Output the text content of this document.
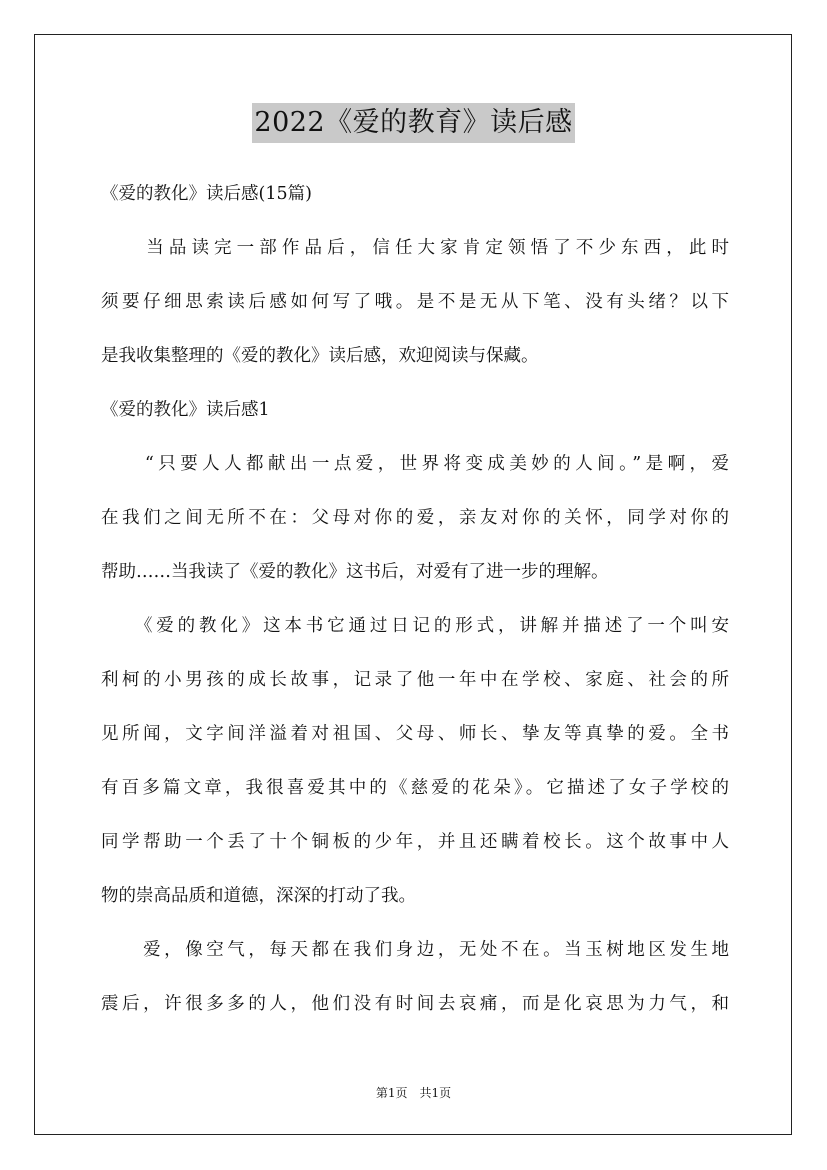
2022《爱的教育》读后感
《爱的教化》读后感(15篇)
　　当品读完一部作品后，信任大家肯定领悟了不少东西，此时
须要仔细思索读后感如何写了哦。是不是无从下笔、没有头绪？以下
是我收集整理的《爱的教化》读后感，欢迎阅读与保藏。
《爱的教化》读后感1
　　“只要人人都献出一点爱，世界将变成美妙的人间。”是啊，爱
在我们之间无所不在：父母对你的爱，亲友对你的关怀，同学对你的
帮助……当我读了《爱的教化》这书后，对爱有了进一步的理解。
　　《爱的教化》这本书它通过日记的形式，讲解并描述了一个叫安
利柯的小男孩的成长故事，记录了他一年中在学校、家庭、社会的所
见所闻，文字间洋溢着对祖国、父母、师长、挚友等真挚的爱。全书
有百多篇文章，我很喜爱其中的《慈爱的花朵》。它描述了女子学校的
同学帮助一个丢了十个铜板的少年，并且还瞒着校长。这个故事中人
物的崇高品质和道德，深深的打动了我。
　　爱，像空气，每天都在我们身边，无处不在。当玉树地区发生地
震后，许很多多的人，他们没有时间去哀痛，而是化哀思为力气，和
第1页　共1页
